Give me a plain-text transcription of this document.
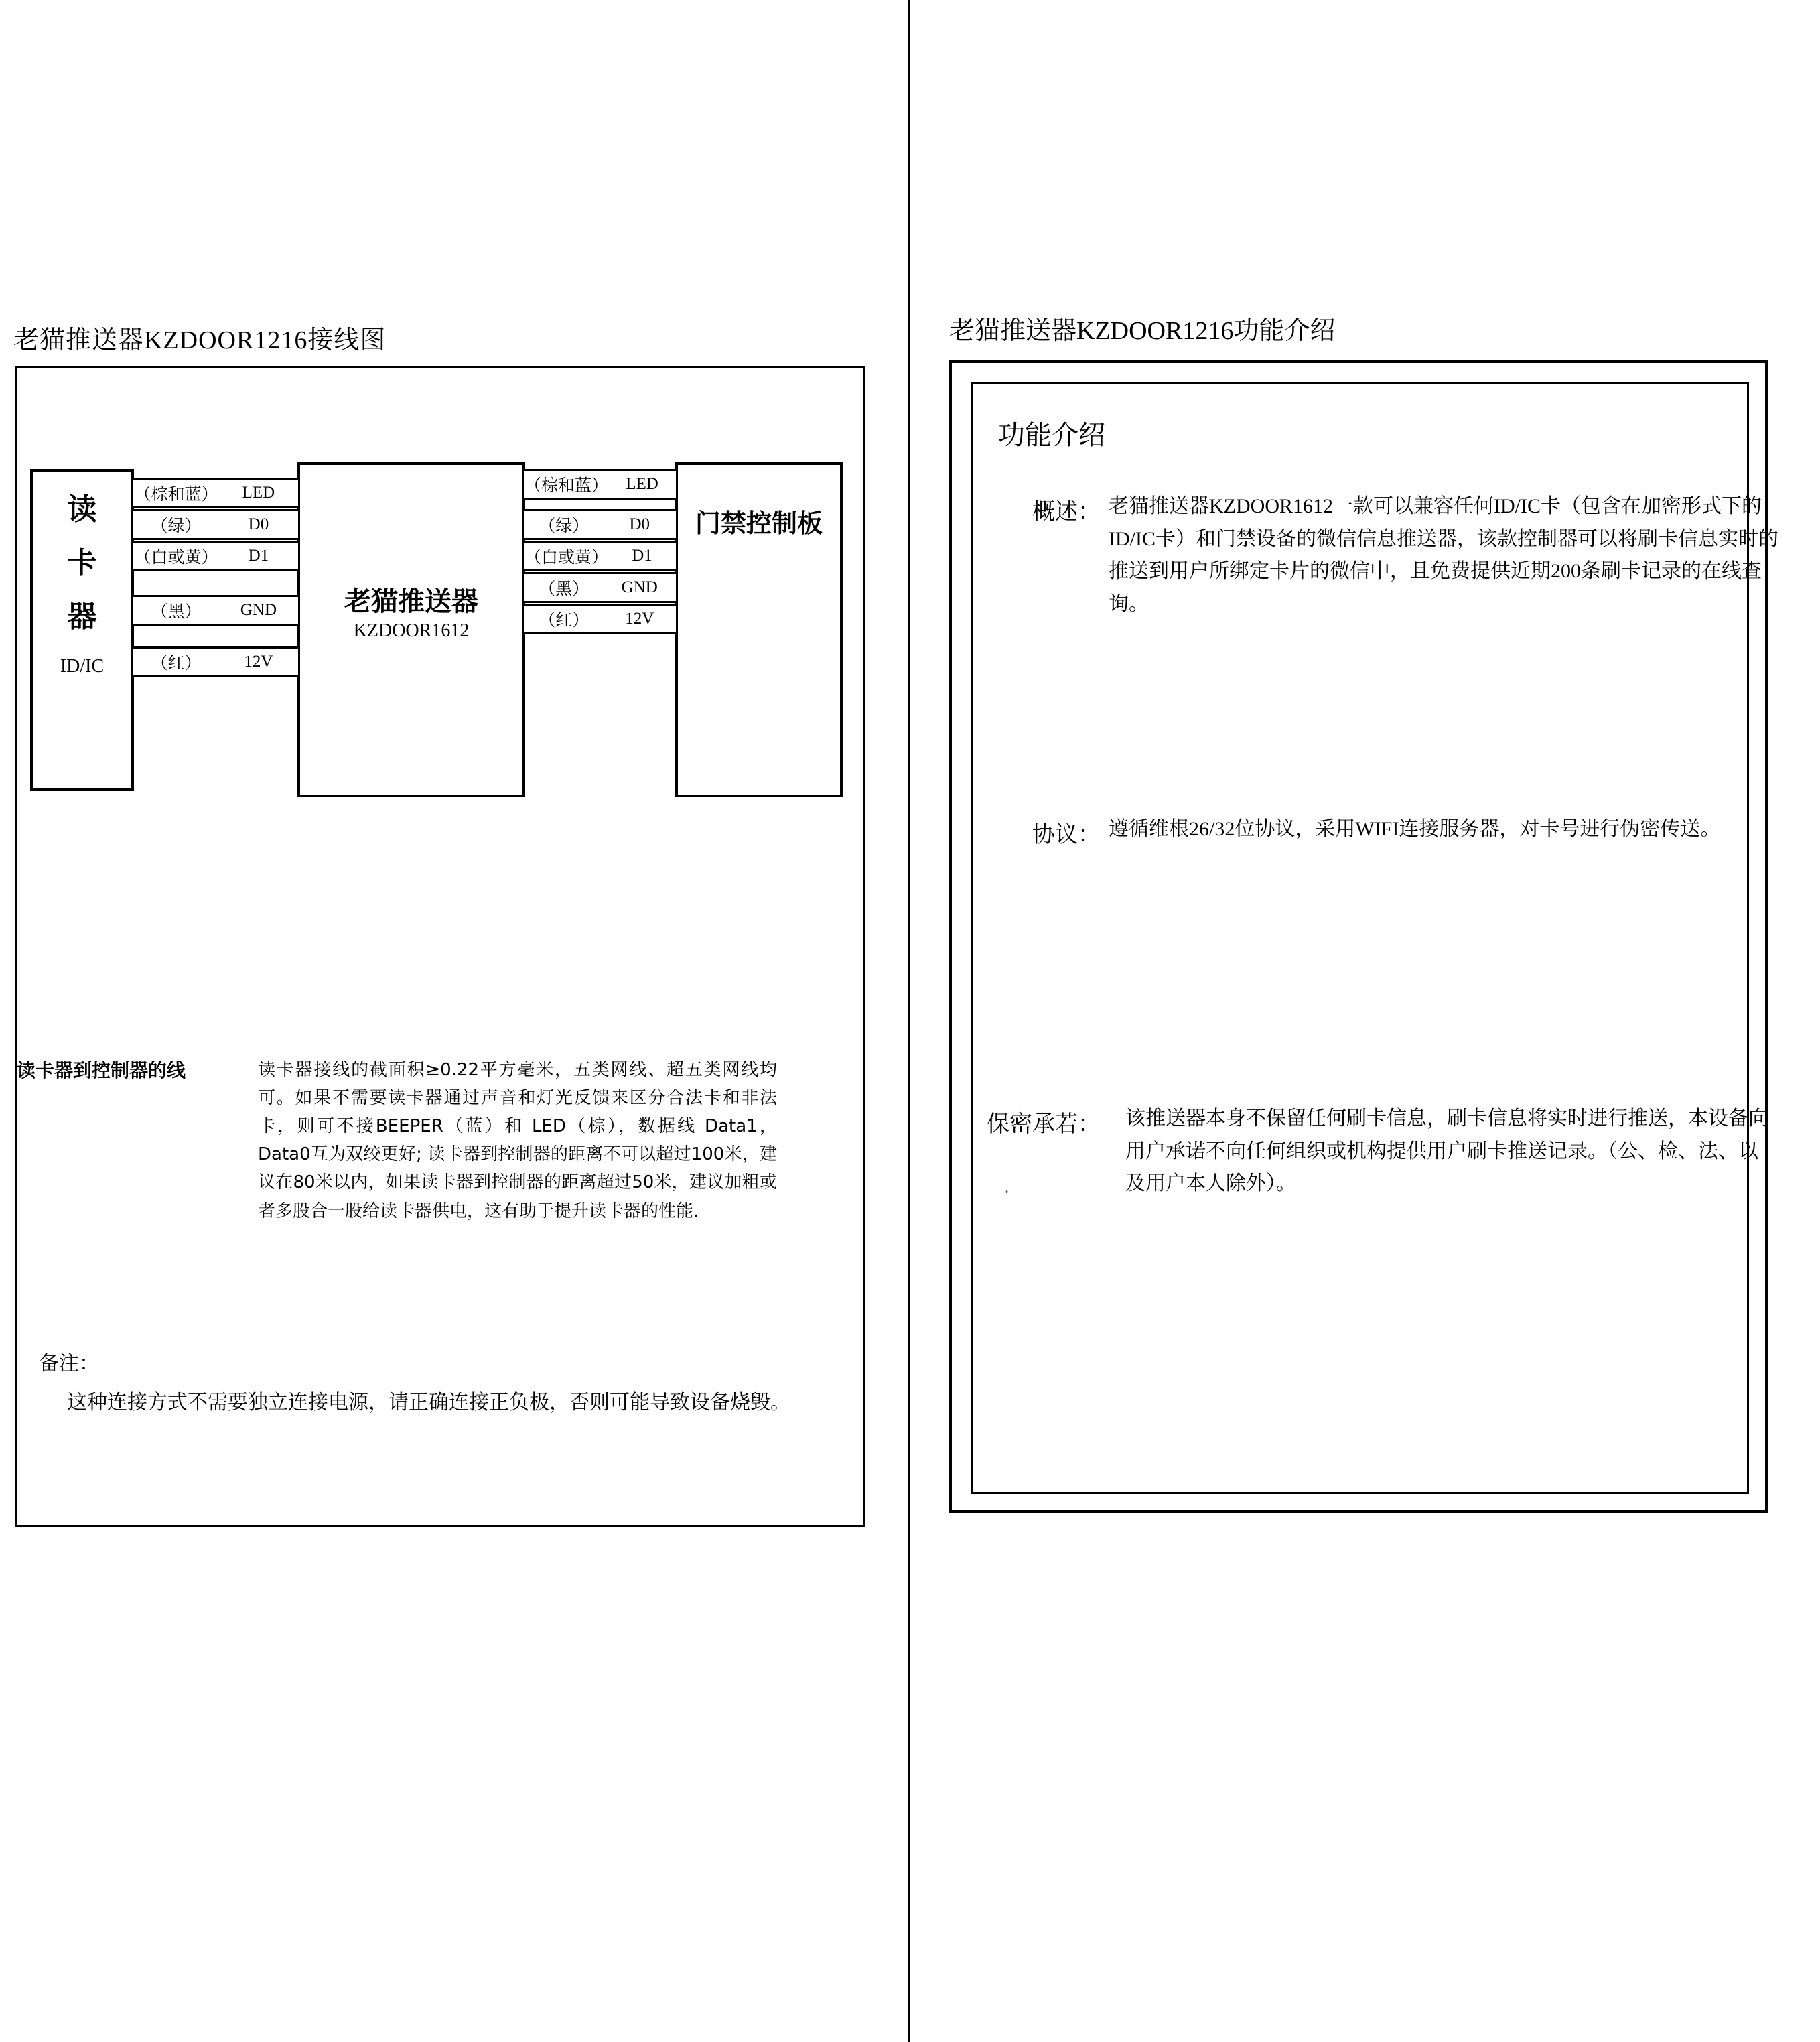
老猫推送器KZDOOR1216接线图
读
卡
器
ID/IC
老猫推送器
KZDOOR1612
门禁控制板
（棕和蓝）	LED
（绿）	D0
（白或黄）	D1
（黑）	GND
（红）	12V
（棕和蓝）	LED
（绿）	D0
（白或黄）	D1
（黑）	GND
（红）	12V
读卡器到控制器的线	读卡器接线的截面积≥0.22平方毫米，五类网线、超五类网线均可。如果不需要读卡器通过声音和灯光反馈来区分合法卡和非法卡，则可不接BEEPER（蓝）和 LED（棕），数据线 Data1，Data0互为双绞更好; 读卡器到控制器的距离不可以超过100米，建议在80米以内，如果读卡器到控制器的距离超过50米，建议加粗或者多股合一股给读卡器供电，这有助于提升读卡器的性能.
备注：
这种连接方式不需要独立连接电源，请正确连接正负极，否则可能导致设备烧毁。
老猫推送器KZDOOR1216功能介绍
功能介绍
概述： 老猫推送器KZDOOR1612一款可以兼容任何ID/IC卡（包含在加密形式下的ID/IC卡）和门禁设备的微信信息推送器，该款控制器可以将刷卡信息实时的推送到用户所绑定卡片的微信中，且免费提供近期200条刷卡记录的在线查询。
协议： 遵循维根26/32位协议，采用WIFI连接服务器，对卡号进行伪密传送。
保密承若： 该推送器本身不保留任何刷卡信息，刷卡信息将实时进行推送，本设备向用户承诺不向任何组织或机构提供用户刷卡推送记录。（公、检、法、以及用户本人除外）。
.
